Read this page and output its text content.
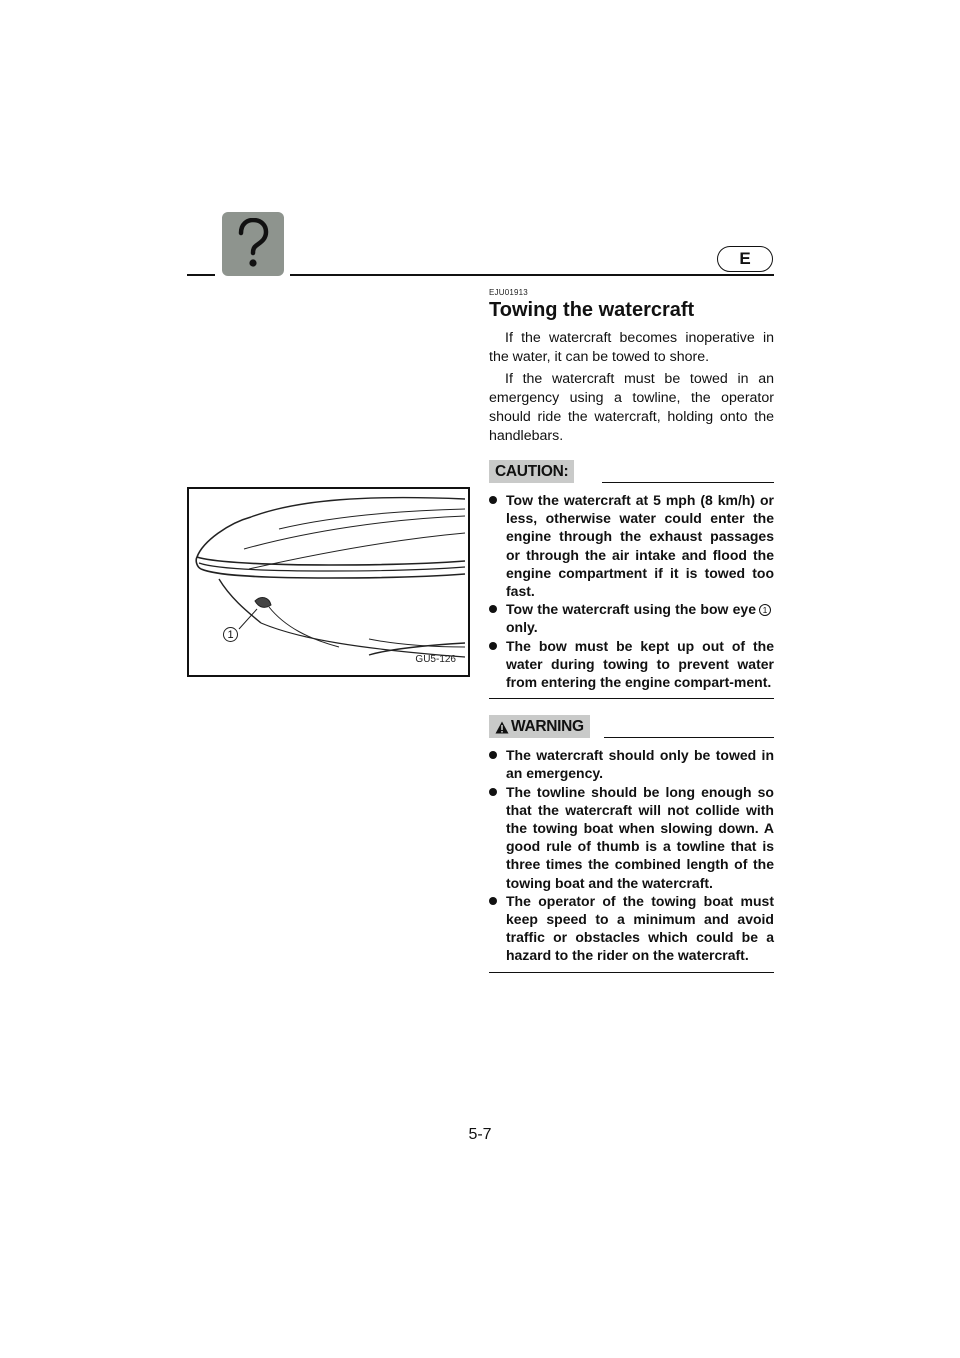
E
1
GU5-126
EJU01913
Towing the watercraft

If the watercraft becomes inoperative in the water, it can be towed to shore.

If the watercraft must be towed in an emergency using a towline, the operator should ride the watercraft, holding onto the handlebars.

CAUTION:
Tow the watercraft at 5 mph (8 km/h) or less, otherwise water could enter the engine through the exhaust passages or through the air intake and flood the engine compartment if it is towed too fast.
Tow the watercraft using the bow eye 1only.
The bow must be kept up out of the water during towing to prevent water from entering the engine compart-ment.
WARNING
The watercraft should only be towed in an emergency.
The towline should be long enough so that the watercraft will not collide with the towing boat when slowing down. A good rule of thumb is a towline that is three times the combined length of the towing boat and the watercraft.
The operator of the towing boat must keep speed to a minimum and avoid traffic or obstacles which could be a hazard to the rider on the watercraft.
5-7
